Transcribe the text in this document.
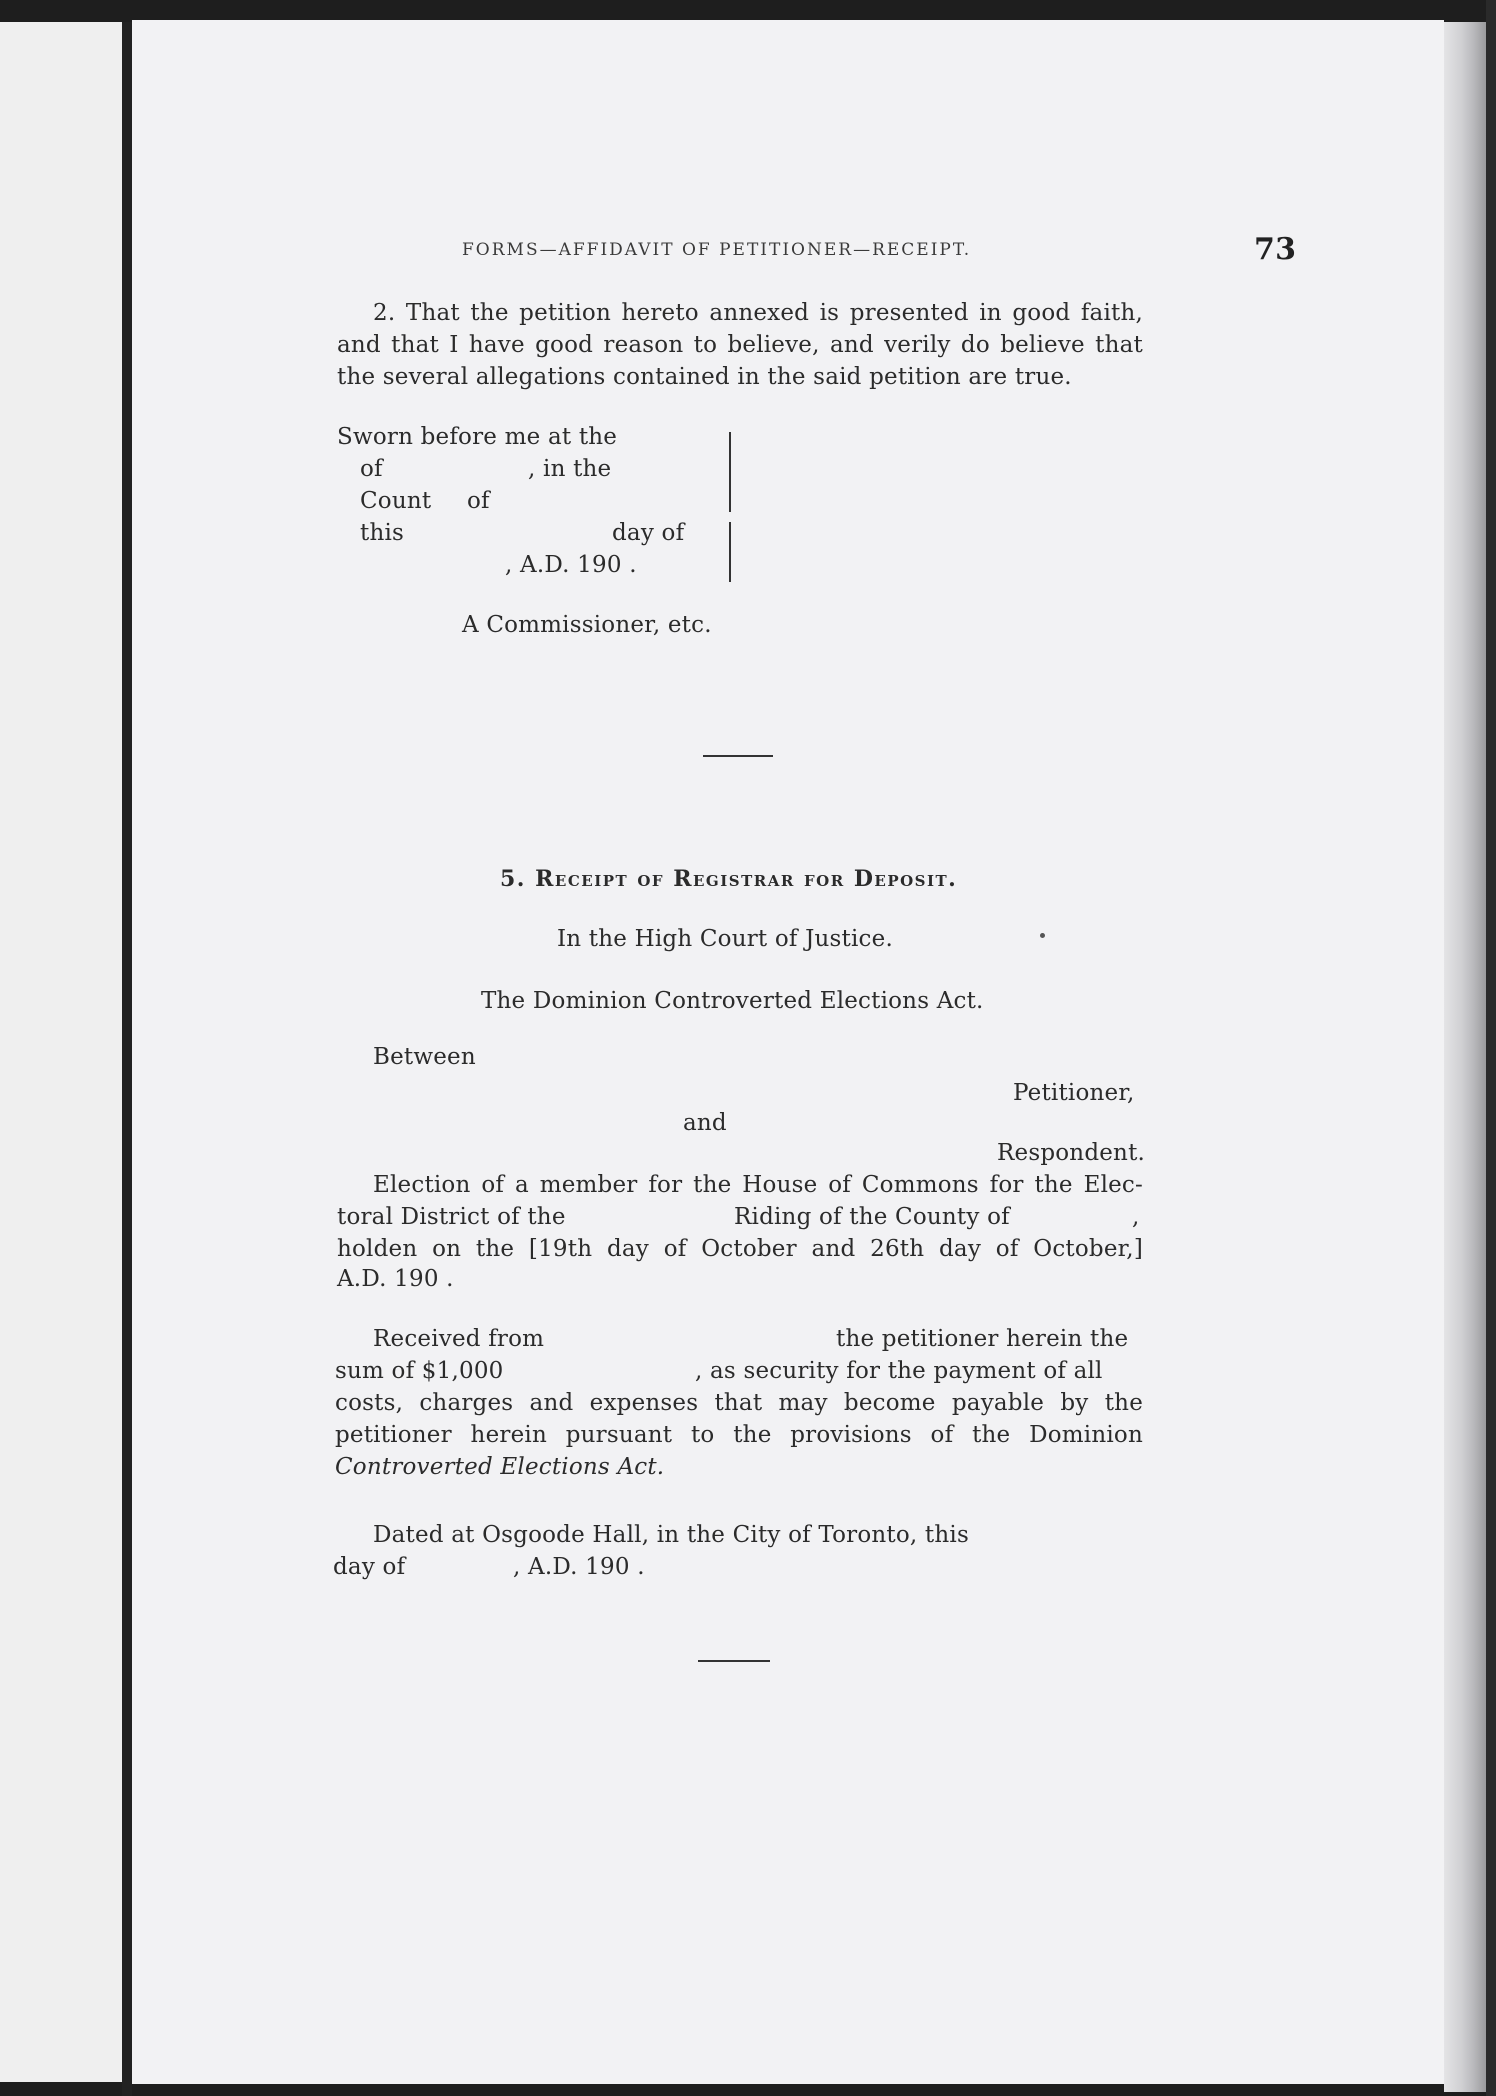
FORMS—AFFIDAVIT OF PETITIONER—RECEIPT.	73
2. That the petition hereto annexed is presented in good faith,
and that I have good reason to believe, and verily do believe that
the several allegations contained in the said petition are true.
Sworn before me at the
of	, in the
Count of
this	day of
, A.D. 190 .
A Commissioner, etc.
5. Receipt of Registrar for Deposit.
In the High Court of Justice.
The Dominion Controverted Elections Act.
Between
Petitioner,
and
Respondent.
Election of a member for the House of Commons for the Elec-
toral District of the	Riding of the County of	,
holden on the [19th day of October and 26th day of October,]
A.D. 190 .
Received from	the petitioner herein the
sum of $1,000	, as security for the payment of all
costs, charges and expenses that may become payable by the
petitioner herein pursuant to the provisions of the Dominion
Controverted Elections Act.
Dated at Osgoode Hall, in the City of Toronto, this
day of	, A.D. 190 .
